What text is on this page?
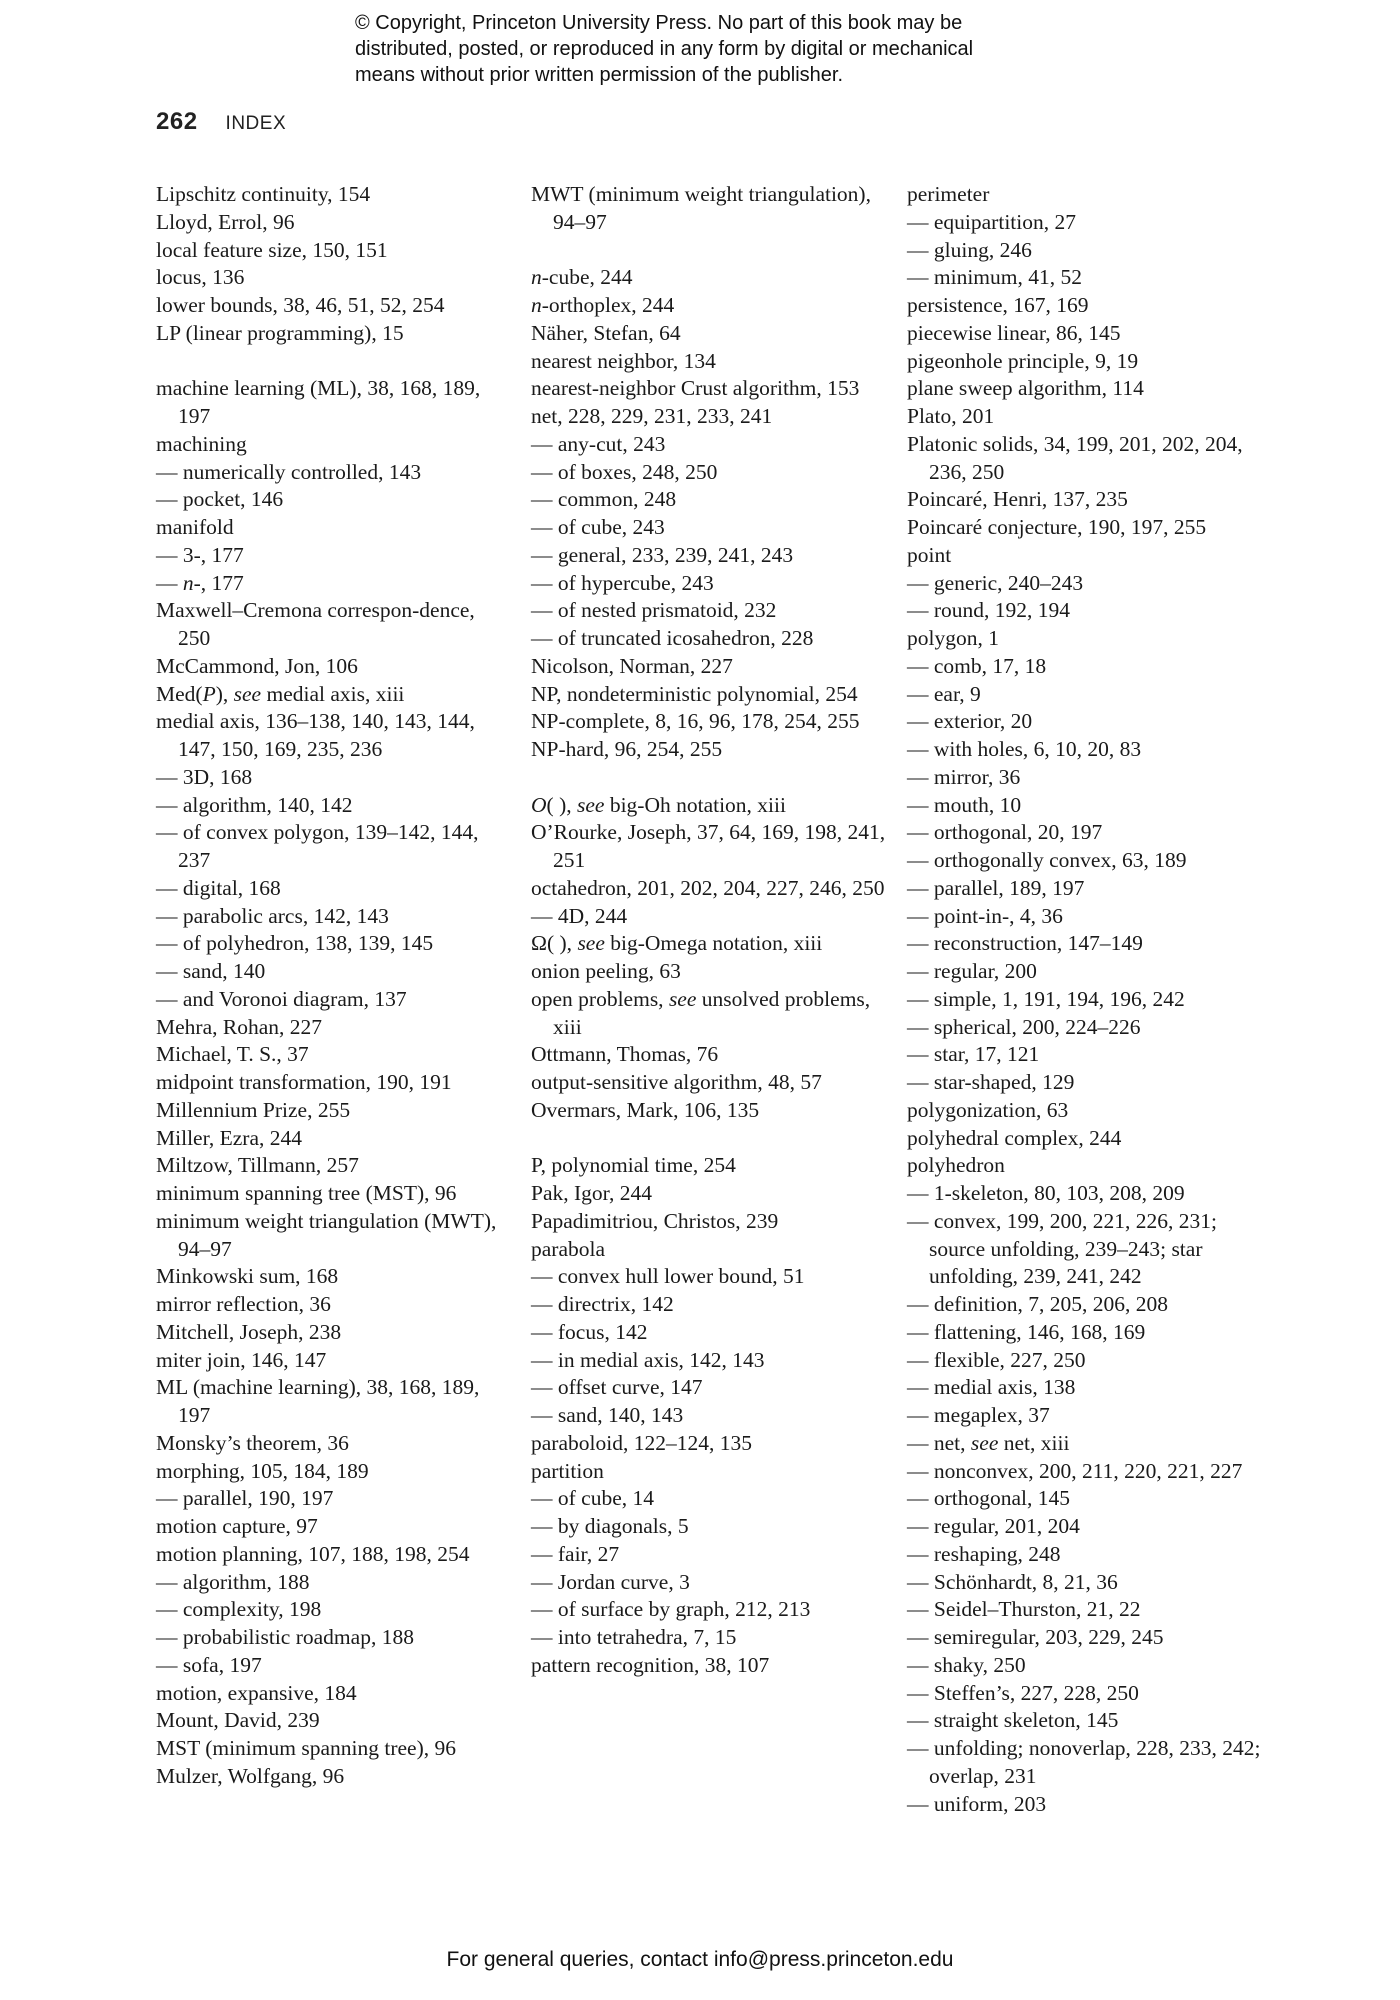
© Copyright, Princeton University Press. No part of this book may be
distributed, posted, or reproduced in any form by digital or mechanical
means without prior written permission of the publisher.
262 INDEX
Lipschitz continuity, 154
Lloyd, Errol, 96
local feature size, 150, 151
locus, 136
lower bounds, 38, 46, 51, 52, 254
LP (linear programming), 15
machine learning (ML), 38, 168, 189, 197
machining
— numerically controlled, 143
— pocket, 146
manifold
— 3-, 177
— n-, 177
Maxwell–Cremona correspon-dence, 250
McCammond, Jon, 106
Med(P), see medial axis, xiii
medial axis, 136–138, 140, 143, 144, 147, 150, 169, 235, 236
— 3D, 168
— algorithm, 140, 142
— of convex polygon, 139–142, 144, 237
— digital, 168
— parabolic arcs, 142, 143
— of polyhedron, 138, 139, 145
— sand, 140
— and Voronoi diagram, 137
Mehra, Rohan, 227
Michael, T. S., 37
midpoint transformation, 190, 191
Millennium Prize, 255
Miller, Ezra, 244
Miltzow, Tillmann, 257
minimum spanning tree (MST), 96
minimum weight triangulation (MWT), 94–97
Minkowski sum, 168
mirror reflection, 36
Mitchell, Joseph, 238
miter join, 146, 147
ML (machine learning), 38, 168, 189, 197
Monsky’s theorem, 36
morphing, 105, 184, 189
— parallel, 190, 197
motion capture, 97
motion planning, 107, 188, 198, 254
— algorithm, 188
— complexity, 198
— probabilistic roadmap, 188
— sofa, 197
motion, expansive, 184
Mount, David, 239
MST (minimum spanning tree), 96
Mulzer, Wolfgang, 96
MWT (minimum weight triangulation), 94–97
n-cube, 244
n-orthoplex, 244
Näher, Stefan, 64
nearest neighbor, 134
nearest-neighbor Crust algorithm, 153
net, 228, 229, 231, 233, 241
— any-cut, 243
— of boxes, 248, 250
— common, 248
— of cube, 243
— general, 233, 239, 241, 243
— of hypercube, 243
— of nested prismatoid, 232
— of truncated icosahedron, 228
Nicolson, Norman, 227
NP, nondeterministic polynomial, 254
NP-complete, 8, 16, 96, 178, 254, 255
NP-hard, 96, 254, 255
O( ), see big-Oh notation, xiii
O’Rourke, Joseph, 37, 64, 169, 198, 241, 251
octahedron, 201, 202, 204, 227, 246, 250
— 4D, 244
Ω( ), see big-Omega notation, xiii
onion peeling, 63
open problems, see unsolved problems, xiii
Ottmann, Thomas, 76
output-sensitive algorithm, 48, 57
Overmars, Mark, 106, 135
P, polynomial time, 254
Pak, Igor, 244
Papadimitriou, Christos, 239
parabola
— convex hull lower bound, 51
— directrix, 142
— focus, 142
— in medial axis, 142, 143
— offset curve, 147
— sand, 140, 143
paraboloid, 122–124, 135
partition
— of cube, 14
— by diagonals, 5
— fair, 27
— Jordan curve, 3
— of surface by graph, 212, 213
— into tetrahedra, 7, 15
pattern recognition, 38, 107
perimeter
— equipartition, 27
— gluing, 246
— minimum, 41, 52
persistence, 167, 169
piecewise linear, 86, 145
pigeonhole principle, 9, 19
plane sweep algorithm, 114
Plato, 201
Platonic solids, 34, 199, 201, 202, 204, 236, 250
Poincaré, Henri, 137, 235
Poincaré conjecture, 190, 197, 255
point
— generic, 240–243
— round, 192, 194
polygon, 1
— comb, 17, 18
— ear, 9
— exterior, 20
— with holes, 6, 10, 20, 83
— mirror, 36
— mouth, 10
— orthogonal, 20, 197
— orthogonally convex, 63, 189
— parallel, 189, 197
— point-in-, 4, 36
— reconstruction, 147–149
— regular, 200
— simple, 1, 191, 194, 196, 242
— spherical, 200, 224–226
— star, 17, 121
— star-shaped, 129
polygonization, 63
polyhedral complex, 244
polyhedron
— 1-skeleton, 80, 103, 208, 209
— convex, 199, 200, 221, 226, 231; source unfolding, 239–243; star unfolding, 239, 241, 242
— definition, 7, 205, 206, 208
— flattening, 146, 168, 169
— flexible, 227, 250
— medial axis, 138
— megaplex, 37
— net, see net, xiii
— nonconvex, 200, 211, 220, 221, 227
— orthogonal, 145
— regular, 201, 204
— reshaping, 248
— Schönhardt, 8, 21, 36
— Seidel–Thurston, 21, 22
— semiregular, 203, 229, 245
— shaky, 250
— Steffen’s, 227, 228, 250
— straight skeleton, 145
— unfolding; nonoverlap, 228, 233, 242; overlap, 231
— uniform, 203
For general queries, contact info@press.princeton.edu
